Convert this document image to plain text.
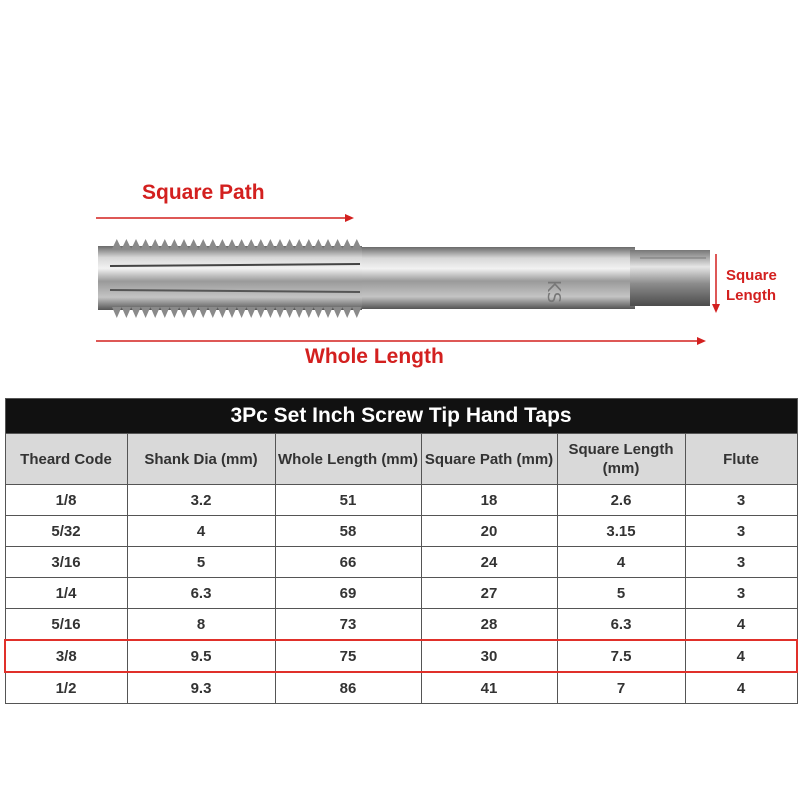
KS
Square Path
Whole Length
Square
Length
3Pc Set Inch Screw Tip Hand Taps					
Theard Code	Shank Dia (mm)	Whole Length (mm)	Square Path (mm)	Square Length (mm)	Flute
1/8	3.2	51	18	2.6	3
5/32	4	58	20	3.15	3
3/16	5	66	24	4	3
1/4	6.3	69	27	5	3
5/16	8	73	28	6.3	4
3/8	9.5	75	30	7.5	4
1/2	9.3	86	41	7	4
